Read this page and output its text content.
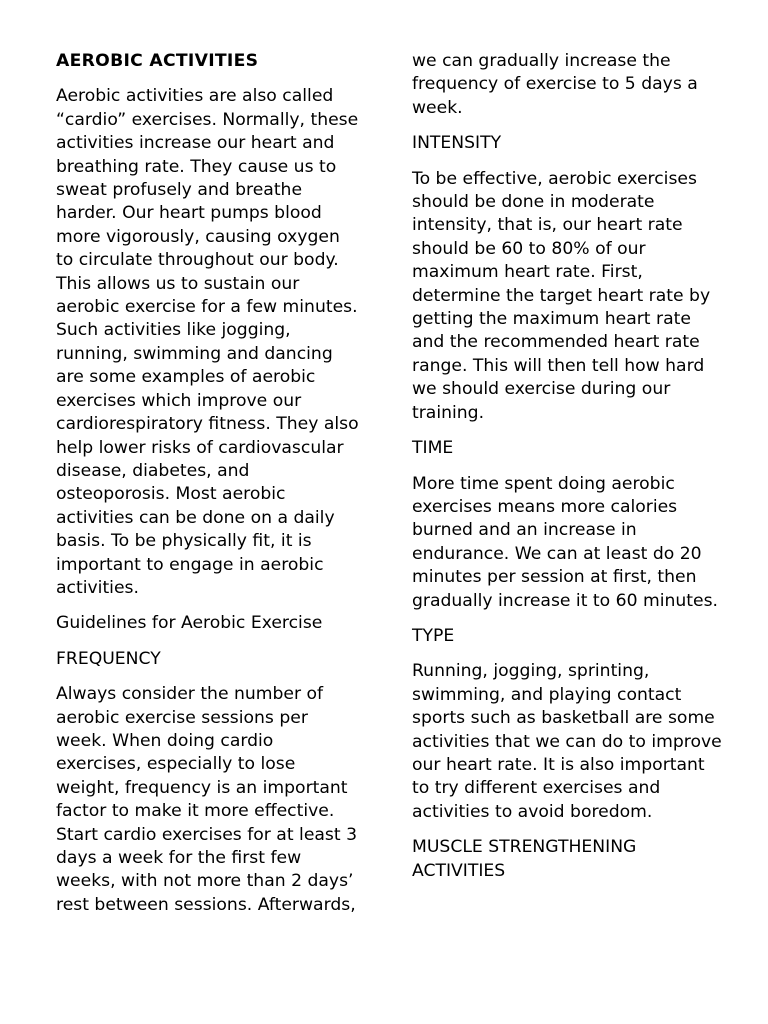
AEROBIC ACTIVITIES

Aerobic activities are also called “cardio” exercises. Normally, these activities increase our heart and breathing rate. They cause us to sweat profusely and breathe harder. Our heart pumps blood more vigorously, causing oxygen to circulate throughout our body. This allows us to sustain our aerobic exercise for a few minutes. Such activities like jogging, running, swimming and dancing are some examples of aerobic exercises which improve our cardiorespiratory fitness. They also help lower risks of cardiovascular disease, diabetes, and osteoporosis. Most aerobic activities can be done on a daily basis. To be physically fit, it is important to engage in aerobic activities.

Guidelines for Aerobic Exercise

FREQUENCY

Always consider the number of aerobic exercise sessions per week. When doing cardio exercises, especially to lose weight, frequency is an important factor to make it more effective. Start cardio exercises for at least 3 days a week for the first few weeks, with not more than 2 days’ rest between sessions. Afterwards,

we can gradually increase the frequency of exercise to 5 days a week.

INTENSITY

To be effective, aerobic exercises should be done in moderate intensity, that is, our heart rate should be 60 to 80% of our maximum heart rate. First, determine the target heart rate by getting the maximum heart rate and the recommended heart rate range. This will then tell how hard we should exercise during our training.

TIME

More time spent doing aerobic exercises means more calories burned and an increase in endurance. We can at least do 20 minutes per session at first, then gradually increase it to 60 minutes.

TYPE

Running, jogging, sprinting, swimming, and playing contact sports such as basketball are some activities that we can do to improve our heart rate. It is also important to try different exercises and activities to avoid boredom.

MUSCLE STRENGTHENING ACTIVITIES
